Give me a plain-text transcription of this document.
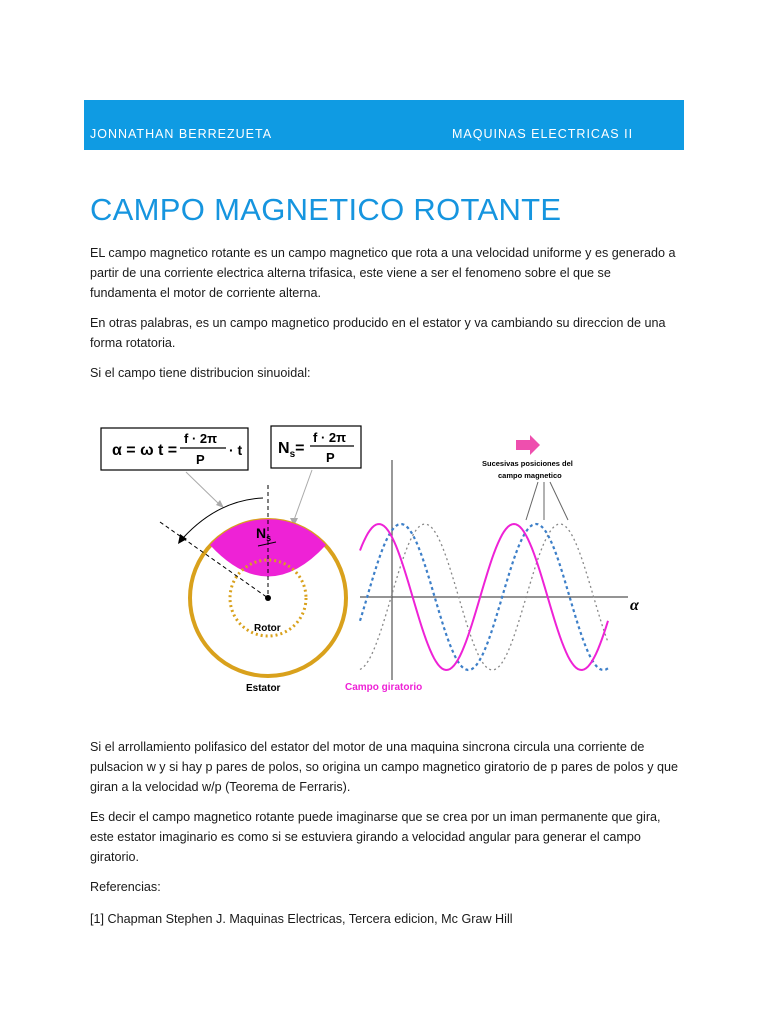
JONNATHAN BERREZUETA	MAQUINAS ELECTRICAS II
CAMPO MAGNETICO ROTANTE

EL campo magnetico rotante es un campo magnetico que rota a una velocidad uniforme y es generado a partir de una corriente electrica alterna trifasica, este viene a ser el fenomeno sobre el que se fundamenta el motor de corriente alterna.

En otras palabras, es un campo magnetico producido en el estator y va cambiando su direccion de una forma rotatoria.

Si el campo tiene distribucion sinuoidal:

α = ω t =
f · 2π
P
· t $N_s=$
f · 2π
P
$N_s$
Rotor
Estator
α
Sucesivas posiciones del
campo magnetico
Campo giratorio

Si el arrollamiento polifasico del estator del motor de una maquina sincrona circula una corriente de pulsacion w y si hay p pares de polos, so origina un campo magnetico giratorio de p pares de polos y que giran a la velocidad w/p (Teorema de Ferraris).

Es decir el campo magnetico rotante puede imaginarse que se crea por un iman permanente que gira, este estator imaginario es como si se estuviera girando a velocidad angular para generar el campo giratorio.

Referencias:

[1] Chapman Stephen J. Maquinas Electricas, Tercera edicion, Mc Graw Hill
